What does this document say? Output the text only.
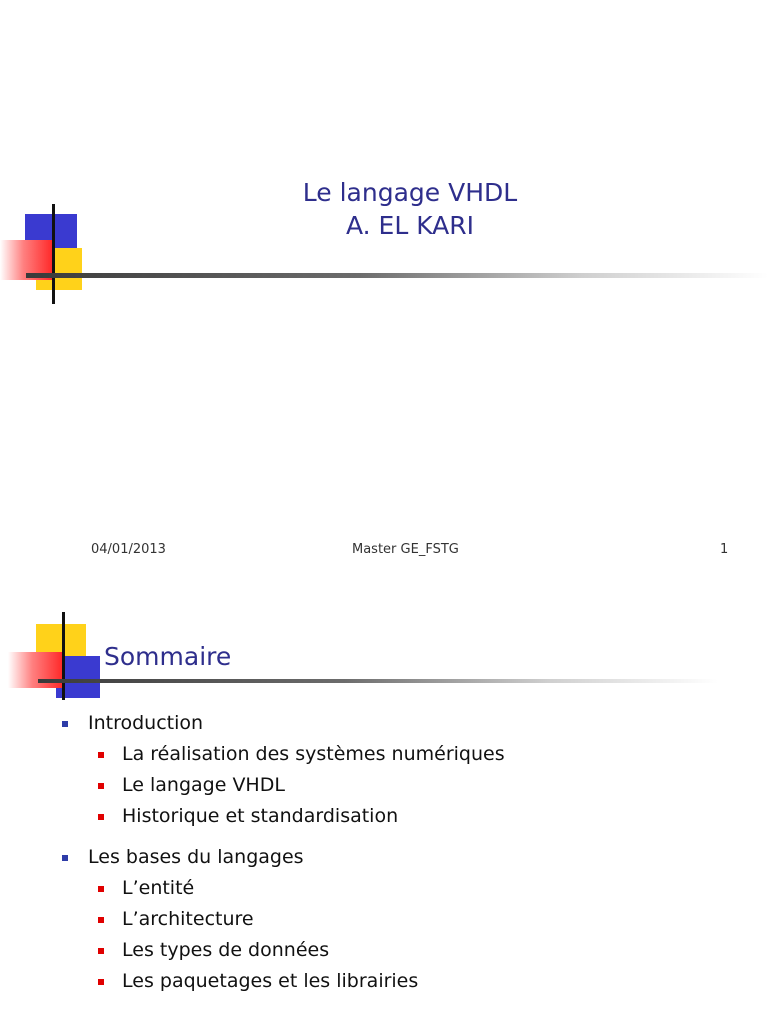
Le langage VHDL
A. EL KARI
04/01/2013	Master GE_FSTG	1
Sommaire
Introduction
La réalisation des systèmes numériques
Le langage VHDL
Historique et standardisation
Les bases du langages
L’entité
L’architecture
Les types de données
Les paquetages et les librairies
